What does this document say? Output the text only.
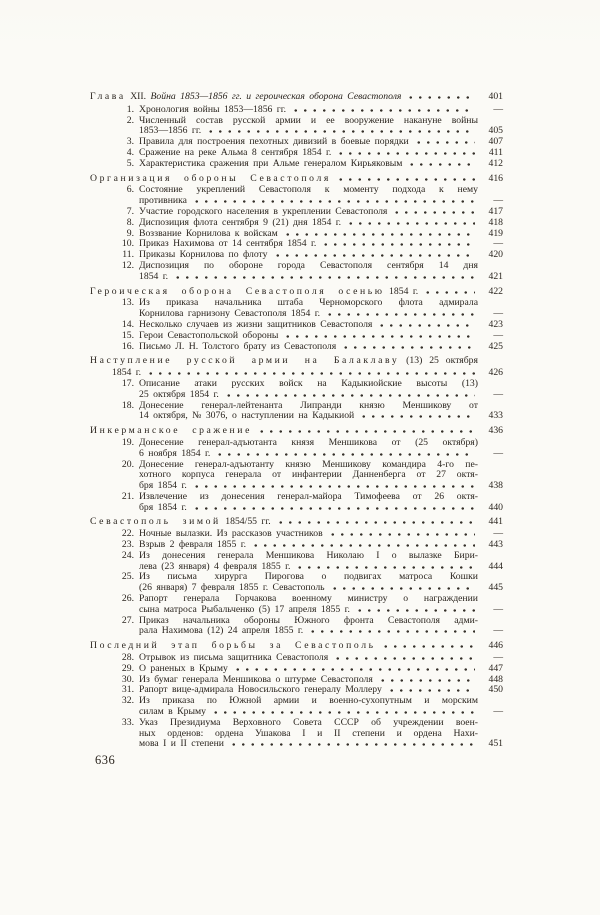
Глава XII. Война 1853—1856 гг. и героическая оборона Севастополя	401
1. Хронология войны 1853—1856 гг.	—
2. Численный состав русской армии и ее вооружение накануне войны
1853—1856 гг.	405
3. Правила для построения пехотных дивизий в боевые порядки	407
4. Сражение на реке Альма 8 сентября 1854 г.	411
5. Характеристика сражения при Альме генералом Кирьяковым	412
Организация обороны Севастополя	416
6. Состояние укреплений Севастополя к моменту подхода к нему
противника	—
7. Участие городского населения в укреплении Севастополя	417
8. Диспозиция флота сентября 9 (21) дня 1854 г.	418
9. Воззвание Корнилова к войскам	419
10. Приказ Нахимова от 14 сентября 1854 г.	—
11. Приказы Корнилова по флоту	420
12. Диспозиция по обороне города Севастополя сентября 14 дня
1854 г.	421
Героическая оборона Севастополя осенью 1854 г.	422
13. Из приказа начальника штаба Черноморского флота адмирала
Корнилова гарнизону Севастополя 1854 г.	—
14. Несколько случаев из жизни защитников Севастополя	423
15. Герои Севастопольской обороны	—
16. Письмо Л. Н. Толстого брату из Севастополя	425
Наступление русской армии на Балаклаву (13) 25 октября
1854 г.	426
17. Описание атаки русских войск на Кадыкиойские высоты (13)
25 октября 1854 г.	—
18. Донесение генерал-лейтенанта Липранди князю Меншикову от
14 октября, № 3076, о наступлении на Кадыкиой	433
Инкерманское сражение	436
19. Донесение генерал-адъютанта князя Меншикова от (25 октября)
6 ноября 1854 г.	—
20. Донесение генерал-адъютанту князю Меншикову командира 4-го пе-
хотного корпуса генерала от инфантерии Данненберга от 27 октя-
бря 1854 г.	438
21. Извлечение из донесения генерал-майора Тимофеева от 26 октя-
бря 1854 г.	440
Севастополь зимой 1854/55 гг.	441
22. Ночные вылазки. Из рассказов участников	—
23. Взрыв 2 февраля 1855 г.	443
24. Из донесения генерала Меншикова Николаю I о вылазке Бири-
лева (23 января) 4 февраля 1855 г.	444
25. Из письма хирурга Пирогова о подвигах матроса Кошки
(26 января) 7 февраля 1855 г. Севастополь	445
26. Рапорт генерала Горчакова военному министру о награждении
сына матроса Рыбальченко (5) 17 апреля 1855 г.	—
27. Приказ начальника обороны Южного фронта Севастополя адми-
рала Нахимова (12) 24 апреля 1855 г.	—
Последний этап борьбы за Севастополь	446
28. Отрывок из письма защитника Севастополя	—
29. О раненых в Крыму	447
30. Из бумаг генерала Меншикова о штурме Севастополя	448
31. Рапорт вице-адмирала Новосильского генералу Моллеру	450
32. Из приказа по Южной армии и военно-сухопутным и морским
силам в Крыму	—
33. Указ Президиума Верховного Совета СССР об учреждении воен-
ных орденов: ордена Ушакова I и II степени и ордена Нахи-
мова I и II степени	451
636
